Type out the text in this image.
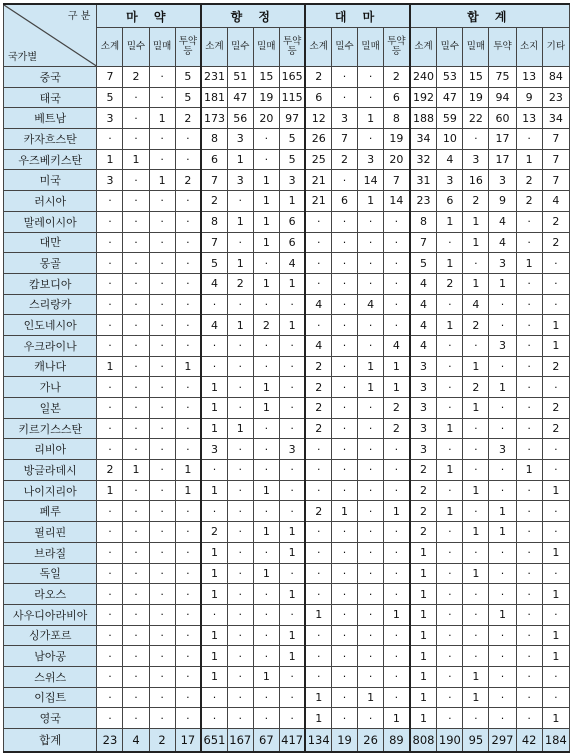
구 분
국가별	마 약				향 정				대 마				합 계					
	소계	밀수	밀매	투약등	소계	밀수	밀매	투약등	소계	밀수	밀매	투약등	소계	밀수	밀매	투약	소지	기타
중국	7	2	·	5	231	51	15	165	2	·	·	2	240	53	15	75	13	84
태국	5	·	·	5	181	47	19	115	6	·	·	6	192	47	19	94	9	23
베트남	3	·	1	2	173	56	20	97	12	3	1	8	188	59	22	60	13	34
카자흐스탄	·	·	·	·	8	3	·	5	26	7	·	19	34	10	·	17	·	7
우즈베키스탄	1	1	·	·	6	1	·	5	25	2	3	20	32	4	3	17	1	7
미국	3	·	1	2	7	3	1	3	21	·	14	7	31	3	16	3	2	7
러시아	·	·	·	·	2	·	1	1	21	6	1	14	23	6	2	9	2	4
말레이시아	·	·	·	·	8	1	1	6	·	·	·	·	8	1	1	4	·	2
대만	·	·	·	·	7	·	1	6	·	·	·	·	7	·	1	4	·	2
몽골	·	·	·	·	5	1	·	4	·	·	·	·	5	1	·	3	1	·
캄보디아	·	·	·	·	4	2	1	1	·	·	·	·	4	2	1	1	·	·
스리랑카	·	·	·	·	·	·	·	·	4	·	4	·	4	·	4	·	·	·
인도네시아	·	·	·	·	4	1	2	1	·	·	·	·	4	1	2	·	·	1
우크라이나	·	·	·	·	·	·	·	·	4	·	·	4	4	·	·	3	·	1
캐나다	1	·	·	1	·	·	·	·	2	·	1	1	3	·	1	·	·	2
가나	·	·	·	·	1	·	1	·	2	·	1	1	3	·	2	1	·	·
일본	·	·	·	·	1	·	1	·	2	·	·	2	3	·	1	·	·	2
키르기스스탄	·	·	·	·	1	1	·	·	2	·	·	2	3	1	·	·	·	2
리비아	·	·	·	·	3	·	·	3	·	·	·	·	3	·	·	3	·	·
방글라데시	2	1	·	1	·	·	·	·	·	·	·	·	2	1	·	·	1	·
나이지리아	1	·	·	1	1	·	1	·	·	·	·	·	2	·	1	·	·	1
페루	·	·	·	·	·	·	·	·	2	1	·	1	2	1	·	1	·	·
필리핀	·	·	·	·	2	·	1	1	·	·	·	·	2	·	1	1	·	·
브라질	·	·	·	·	1	·	·	1	·	·	·	·	1	·	·	·	·	1
독일	·	·	·	·	1	·	1	·	·	·	·	·	1	·	1	·	·	·
라오스	·	·	·	·	1	·	·	1	·	·	·	·	1	·	·	·	·	1
사우디아라비아	·	·	·	·	·	·	·	·	1	·	·	1	1	·	·	1	·	·
싱가포르	·	·	·	·	1	·	·	1	·	·	·	·	1	·	·	·	·	1
남아공	·	·	·	·	1	·	·	1	·	·	·	·	1	·	·	·	·	1
스위스	·	·	·	·	1	·	1	·	·	·	·	·	1	·	1	·	·	·
이집트	·	·	·	·	·	·	·	·	1	·	1	·	1	·	1	·	·	·
영국	·	·	·	·	·	·	·	·	1	·	·	1	1	·	·	·	·	1
합계	23	4	2	17	651	167	67	417	134	19	26	89	808	190	95	297	42	184
